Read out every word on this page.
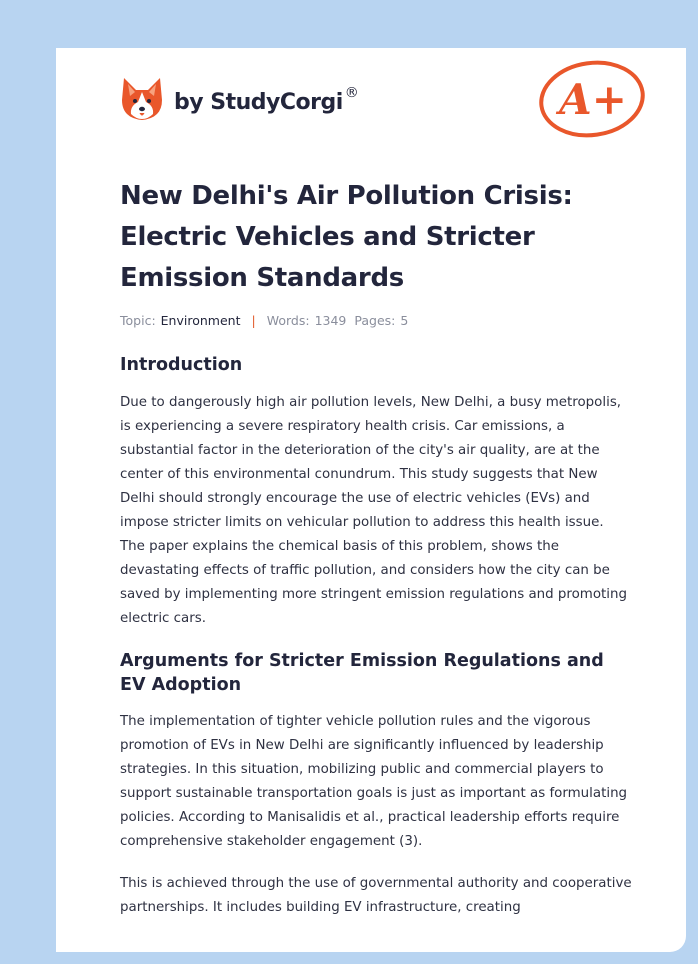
by StudyCorgi ®	A+
New Delhi's Air Pollution Crisis: Electric Vehicles and Stricter Emission Standards
Topic: Environment | Words: 1349 Pages: 5
Introduction

Due to dangerously high air pollution levels, New Delhi, a busy metropolis, is experiencing a severe respiratory health crisis. Car emissions, a substantial factor in the deterioration of the city's air quality, are at the center of this environmental conundrum. This study suggests that New Delhi should strongly encourage the use of electric vehicles (EVs) and impose stricter limits on vehicular pollution to address this health issue. The paper explains the chemical basis of this problem, shows the devastating effects of traffic pollution, and considers how the city can be saved by implementing more stringent emission regulations and promoting electric cars.

Arguments for Stricter Emission Regulations and EV Adoption

The implementation of tighter vehicle pollution rules and the vigorous promotion of EVs in New Delhi are significantly influenced by leadership strategies. In this situation, mobilizing public and commercial players to support sustainable transportation goals is just as important as formulating policies. According to Manisalidis et al., practical leadership efforts require comprehensive stakeholder engagement (3).

This is achieved through the use of governmental authority and cooperative partnerships. It includes building EV infrastructure, creating
